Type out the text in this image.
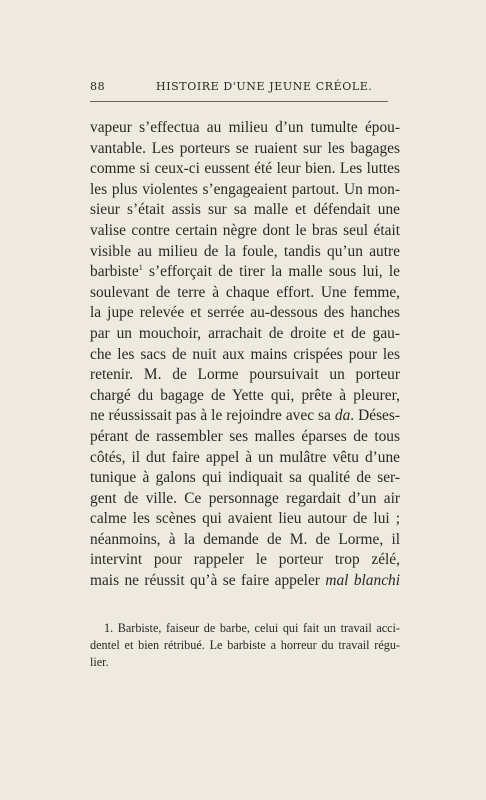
88	HISTOIRE D'UNE JEUNE CRÉOLE.
vapeur s’effectua au milieu d’un tumulte épou-
vantable. Les porteurs se ruaient sur les bagages
comme si ceux-ci eussent été leur bien. Les luttes
les plus violentes s’engageaient partout. Un mon-
sieur s’était assis sur sa malle et défendait une
valise contre certain nègre dont le bras seul était
visible au milieu de la foule, tandis qu’un autre
barbiste$^1$ s’efforçait de tirer la malle sous lui, le
soulevant de terre à chaque effort. Une femme,
la jupe relevée et serrée au-dessous des hanches
par un mouchoir, arrachait de droite et de gau-
che les sacs de nuit aux mains crispées pour les
retenir. M. de Lorme poursuivait un porteur
chargé du bagage de Yette qui, prête à pleurer,
ne réussissait pas à le rejoindre avec sa da. Déses-
pérant de rassembler ses malles éparses de tous
côtés, il dut faire appel à un mulâtre vêtu d’une
tunique à galons qui indiquait sa qualité de ser-
gent de ville. Ce personnage regardait d’un air
calme les scènes qui avaient lieu autour de lui ;
néanmoins, à la demande de M. de Lorme, il
intervint pour rappeler le porteur trop zélé,
mais ne réussit qu’à se faire appeler mal blanchi
1. Barbiste, faiseur de barbe, celui qui fait un travail acci-
dentel et bien rétribué. Le barbiste a horreur du travail régu-
lier.
